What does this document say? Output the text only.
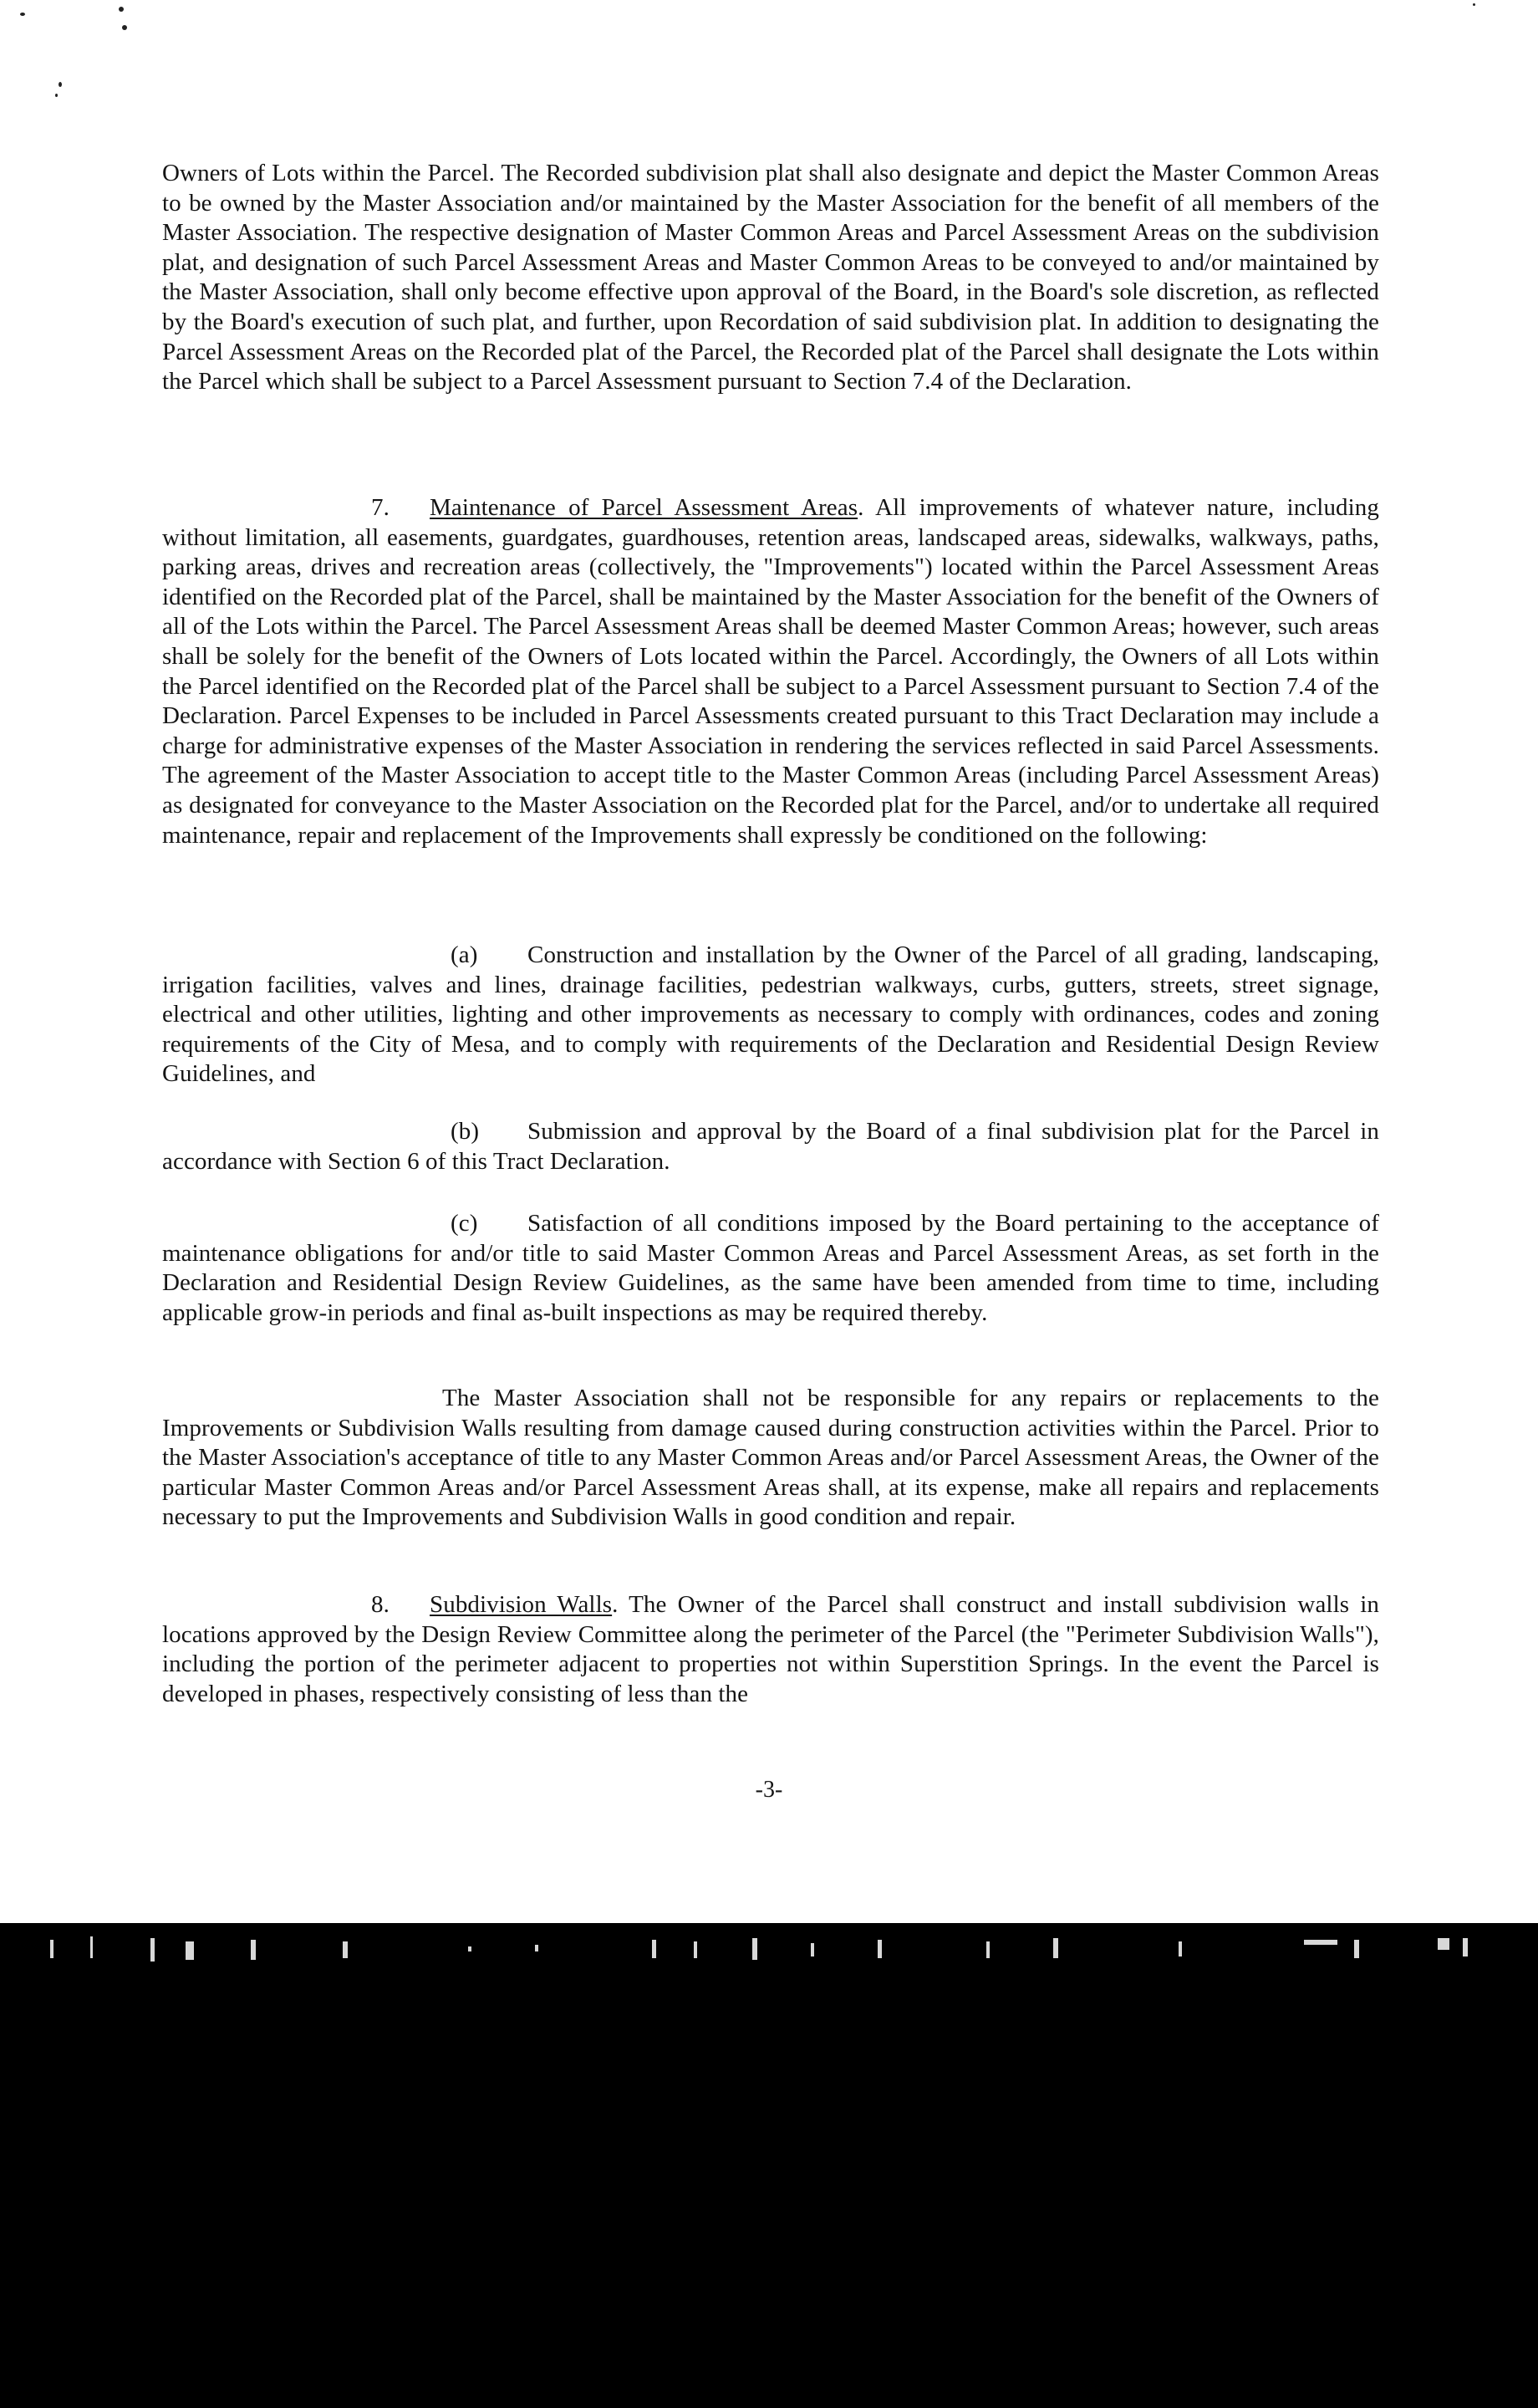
Owners of Lots within the Parcel. The Recorded subdivision plat shall also designate and depict the Master Common Areas to be owned by the Master Association and/or maintained by the Master Association for the benefit of all members of the Master Association. The respective designation of Master Common Areas and Parcel Assessment Areas on the subdivision plat, and designation of such Parcel Assessment Areas and Master Common Areas to be conveyed to and/or maintained by the Master Association, shall only become effective upon approval of the Board, in the Board's sole discretion, as reflected by the Board's execution of such plat, and further, upon Recordation of said subdivision plat. In addition to designating the Parcel Assessment Areas on the Recorded plat of the Parcel, the Recorded plat of the Parcel shall designate the Lots within the Parcel which shall be subject to a Parcel Assessment pursuant to Section 7.4 of the Declaration.

7. Maintenance of Parcel Assessment Areas. All improvements of whatever nature, including without limitation, all easements, guardgates, guardhouses, retention areas, landscaped areas, sidewalks, walkways, paths, parking areas, drives and recreation areas (collectively, the "Improvements") located within the Parcel Assessment Areas identified on the Recorded plat of the Parcel, shall be maintained by the Master Association for the benefit of the Owners of all of the Lots within the Parcel. The Parcel Assessment Areas shall be deemed Master Common Areas; however, such areas shall be solely for the benefit of the Owners of Lots located within the Parcel. Accordingly, the Owners of all Lots within the Parcel identified on the Recorded plat of the Parcel shall be subject to a Parcel Assessment pursuant to Section 7.4 of the Declaration. Parcel Expenses to be included in Parcel Assessments created pursuant to this Tract Declaration may include a charge for administrative expenses of the Master Association in rendering the services reflected in said Parcel Assessments. The agreement of the Master Association to accept title to the Master Common Areas (including Parcel Assessment Areas) as designated for conveyance to the Master Association on the Recorded plat for the Parcel, and/or to undertake all required maintenance, repair and replacement of the Improvements shall expressly be conditioned on the following:

(a) Construction and installation by the Owner of the Parcel of all grading, landscaping, irrigation facilities, valves and lines, drainage facilities, pedestrian walkways, curbs, gutters, streets, street signage, electrical and other utilities, lighting and other improvements as necessary to comply with ordinances, codes and zoning requirements of the City of Mesa, and to comply with requirements of the Declaration and Residential Design Review Guidelines, and

(b) Submission and approval by the Board of a final subdivision plat for the Parcel in accordance with Section 6 of this Tract Declaration.

(c) Satisfaction of all conditions imposed by the Board pertaining to the acceptance of maintenance obligations for and/or title to said Master Common Areas and Parcel Assessment Areas, as set forth in the Declaration and Residential Design Review Guidelines, as the same have been amended from time to time, including applicable grow-in periods and final as-built inspections as may be required thereby.

The Master Association shall not be responsible for any repairs or replacements to the Improvements or Subdivision Walls resulting from damage caused during construction activities within the Parcel. Prior to the Master Association's acceptance of title to any Master Common Areas and/or Parcel Assessment Areas, the Owner of the particular Master Common Areas and/or Parcel Assessment Areas shall, at its expense, make all repairs and replacements necessary to put the Improvements and Subdivision Walls in good condition and repair.

8. Subdivision Walls. The Owner of the Parcel shall construct and install subdivision walls in locations approved by the Design Review Committee along the perimeter of the Parcel (the "Perimeter Subdivision Walls"), including the portion of the perimeter adjacent to properties not within Superstition Springs. In the event the Parcel is developed in phases, respectively consisting of less than the

-3-
